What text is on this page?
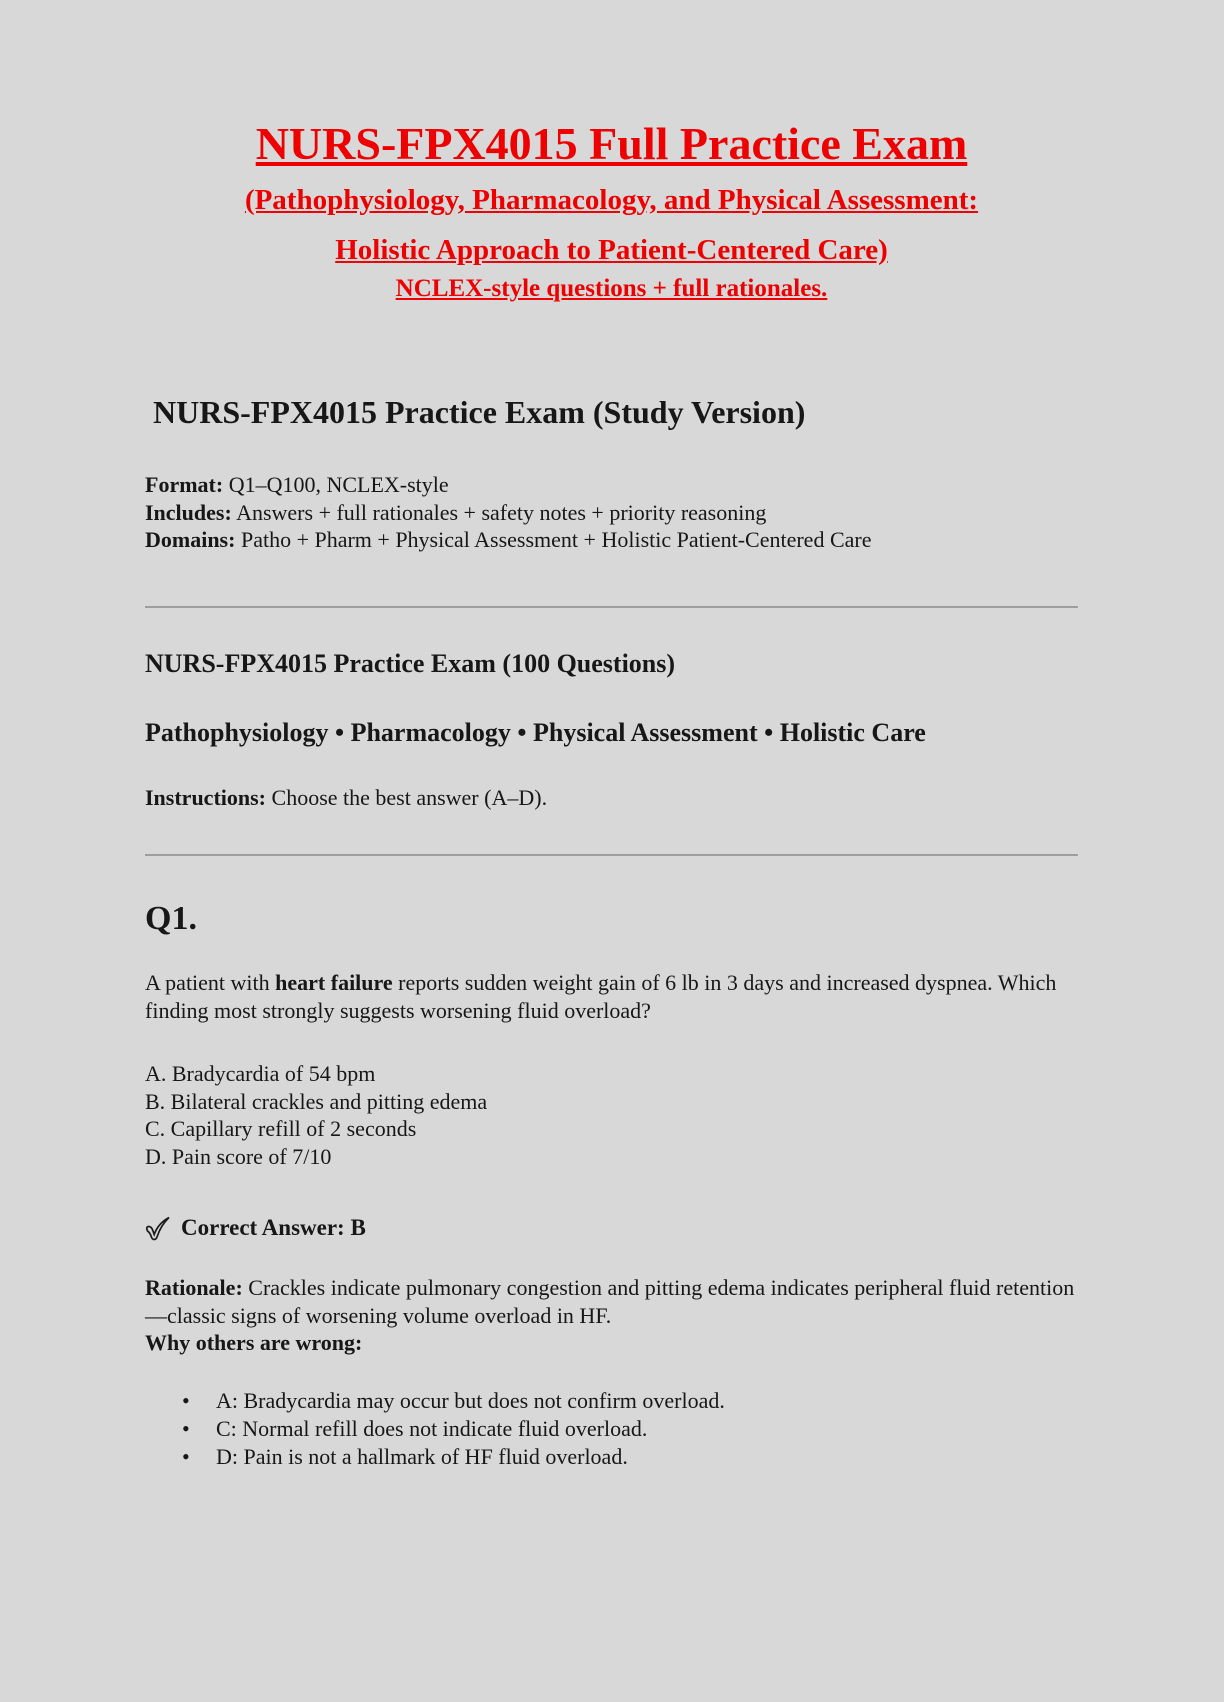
NURS-FPX4015 Full Practice Exam
(Pathophysiology, Pharmacology, and Physical Assessment:
Holistic Approach to Patient-Centered Care)
NCLEX-style questions + full rationales.
NURS-FPX4015 Practice Exam (Study Version)
Format: Q1–Q100, NCLEX-style
Includes: Answers + full rationales + safety notes + priority reasoning
Domains: Patho + Pharm + Physical Assessment + Holistic Patient-Centered Care
NURS-FPX4015 Practice Exam (100 Questions)
Pathophysiology • Pharmacology • Physical Assessment • Holistic Care
Instructions: Choose the best answer (A–D).
Q1.
A patient with heart failure reports sudden weight gain of 6 lb in 3 days and increased dyspnea. Which finding most strongly suggests worsening fluid overload?
A. Bradycardia of 54 bpm
B. Bilateral crackles and pitting edema
C. Capillary refill of 2 seconds
D. Pain score of 7/10
Correct Answer: B
Rationale: Crackles indicate pulmonary congestion and pitting edema indicates peripheral fluid retention—classic signs of worsening volume overload in HF.
Why others are wrong:
•	A: Bradycardia may occur but does not confirm overload.
•	C: Normal refill does not indicate fluid overload.
•	D: Pain is not a hallmark of HF fluid overload.
